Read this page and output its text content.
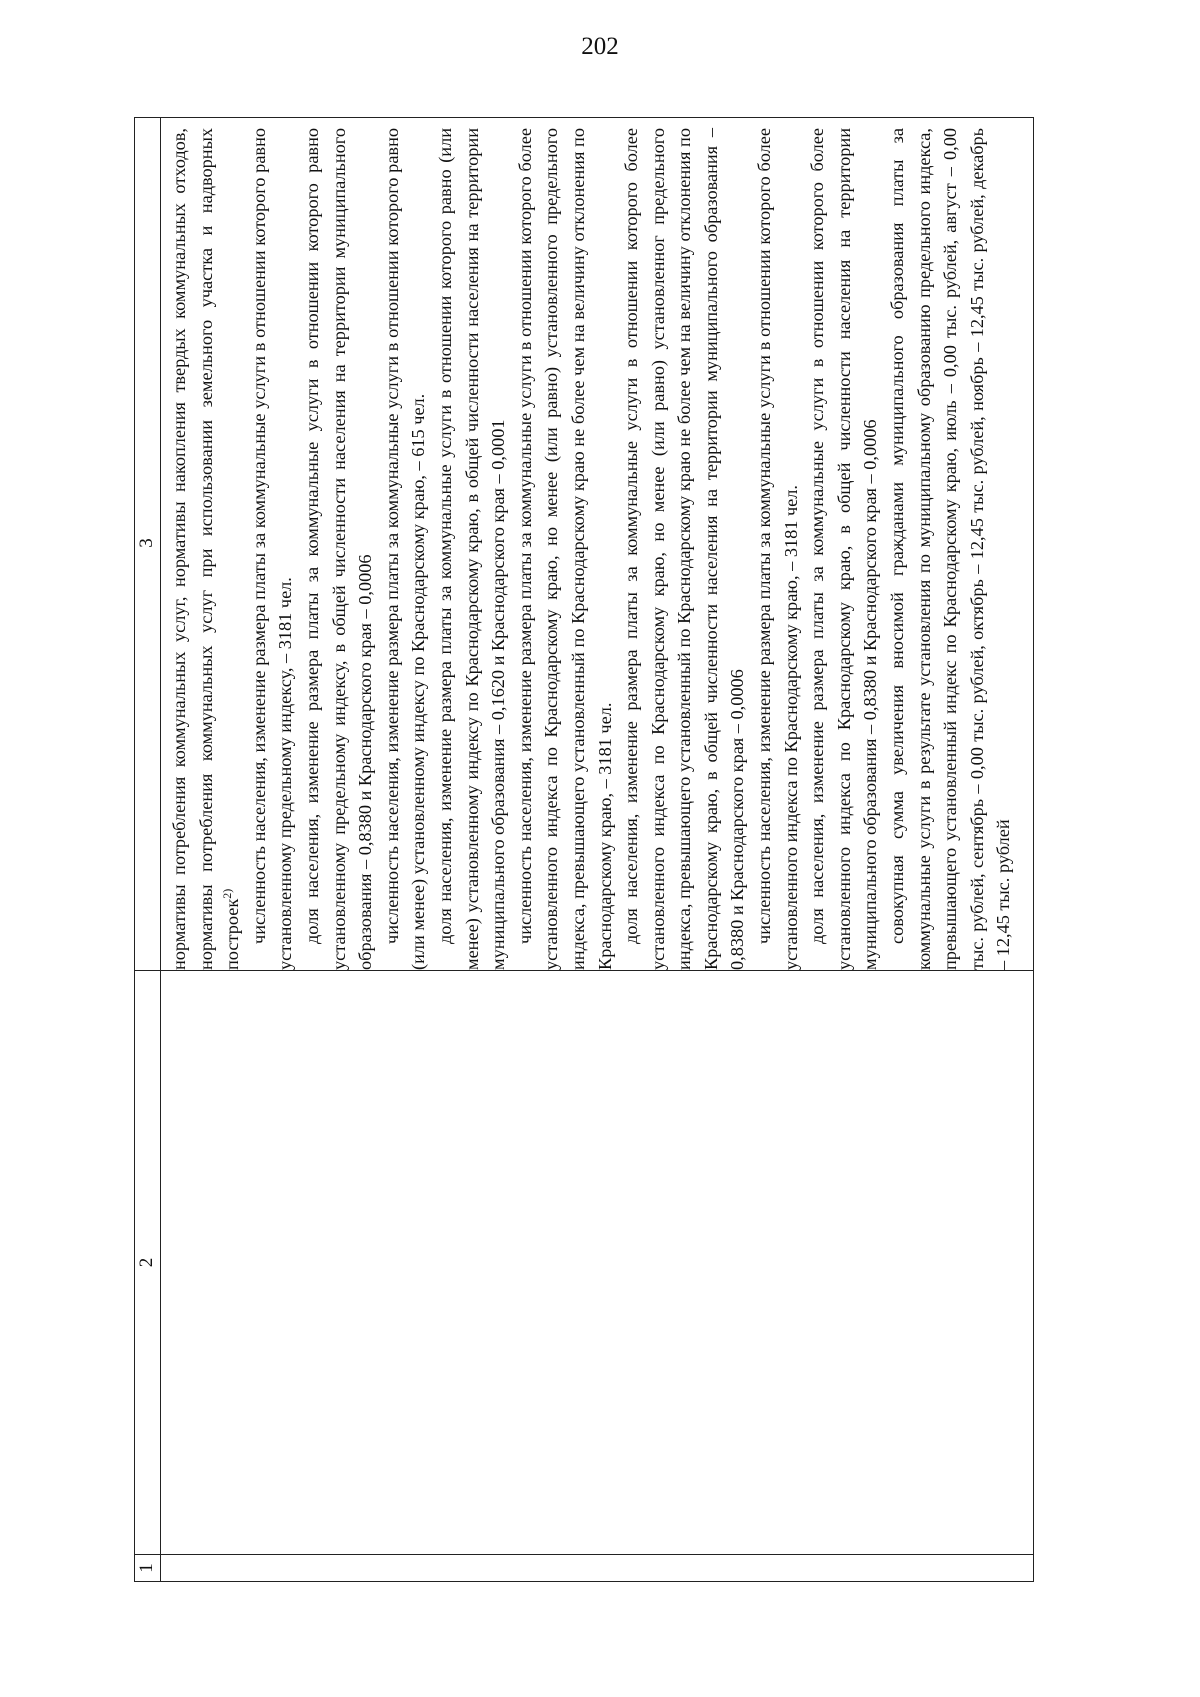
202
1
2
3 нормативы потребления коммунальных услуг, нормативы накопления твердых коммунальных отходов, нормативы потребления коммунальных услуг при использовании земельного участка и надворных построек$^{2)}$ численность населения, изменение размера платы за коммунальные услуги в отношении которого равно установленному предельному индексу, – 3181 чел. доля населения, изменение размера платы за коммунальные услуги в отношении которого равно установленному предельному индексу, в общей численности населения на территории муниципального образования – 0,8380 и Краснодарского края – 0,0006 численность населения, изменение размера платы за коммунальные услуги в отношении которого равно (или менее) установленному индексу по Краснодарскому краю, – 615 чел. доля населения, изменение размера платы за коммунальные услуги в отношении которого равно (или менее) установленному индексу по Краснодарскому краю, в общей численности населения на территории муниципального образования – 0,1620 и Краснодарского края – 0,0001 численность населения, изменение размера платы за коммунальные услуги в отношении которого более установленного индекса по Краснодарскому краю, но менее (или равно) установленного предельного индекса, превышающего установленный по Краснодарскому краю не более чем на величину отклонения по Краснодарскому краю, – 3181 чел. доля населения, изменение размера платы за коммунальные услуги в отношении которого более установленного индекса по Краснодарскому краю, но менее (или равно) установленног предельного индекса, превышающего установленный по Краснодарскому краю не более чем на величину отклонения по Краснодарскому краю, в общей численности населения на территории муниципального образования – 0,8380 и Краснодарского края – 0,0006 численность населения, изменение размера платы за коммунальные услуги в отношении которого более установленного индекса по Краснодарскому краю, – 3181 чел. доля населения, изменение размера платы за коммунальные услуги в отношении которого более установленного индекса по Краснодарскому краю, в общей численности населения на территории муниципального образования – 0,8380 и Краснодарского края – 0,0006 совокупная сумма увеличения вносимой гражданами муниципального образования платы за коммунальные услуги в результате установления по муниципальному образованию предельного индекса, превышающего установленный индекс по Краснодарскому краю, июль – 0,00 тыс. рублей, август – 0,00 тыс. рублей, сентябрь – 0,00 тыс. рублей, октябрь – 12,45 тыс. рублей, ноябрь – 12,45 тыс. рублей, декабрь – 12,45 тыс. рублей
